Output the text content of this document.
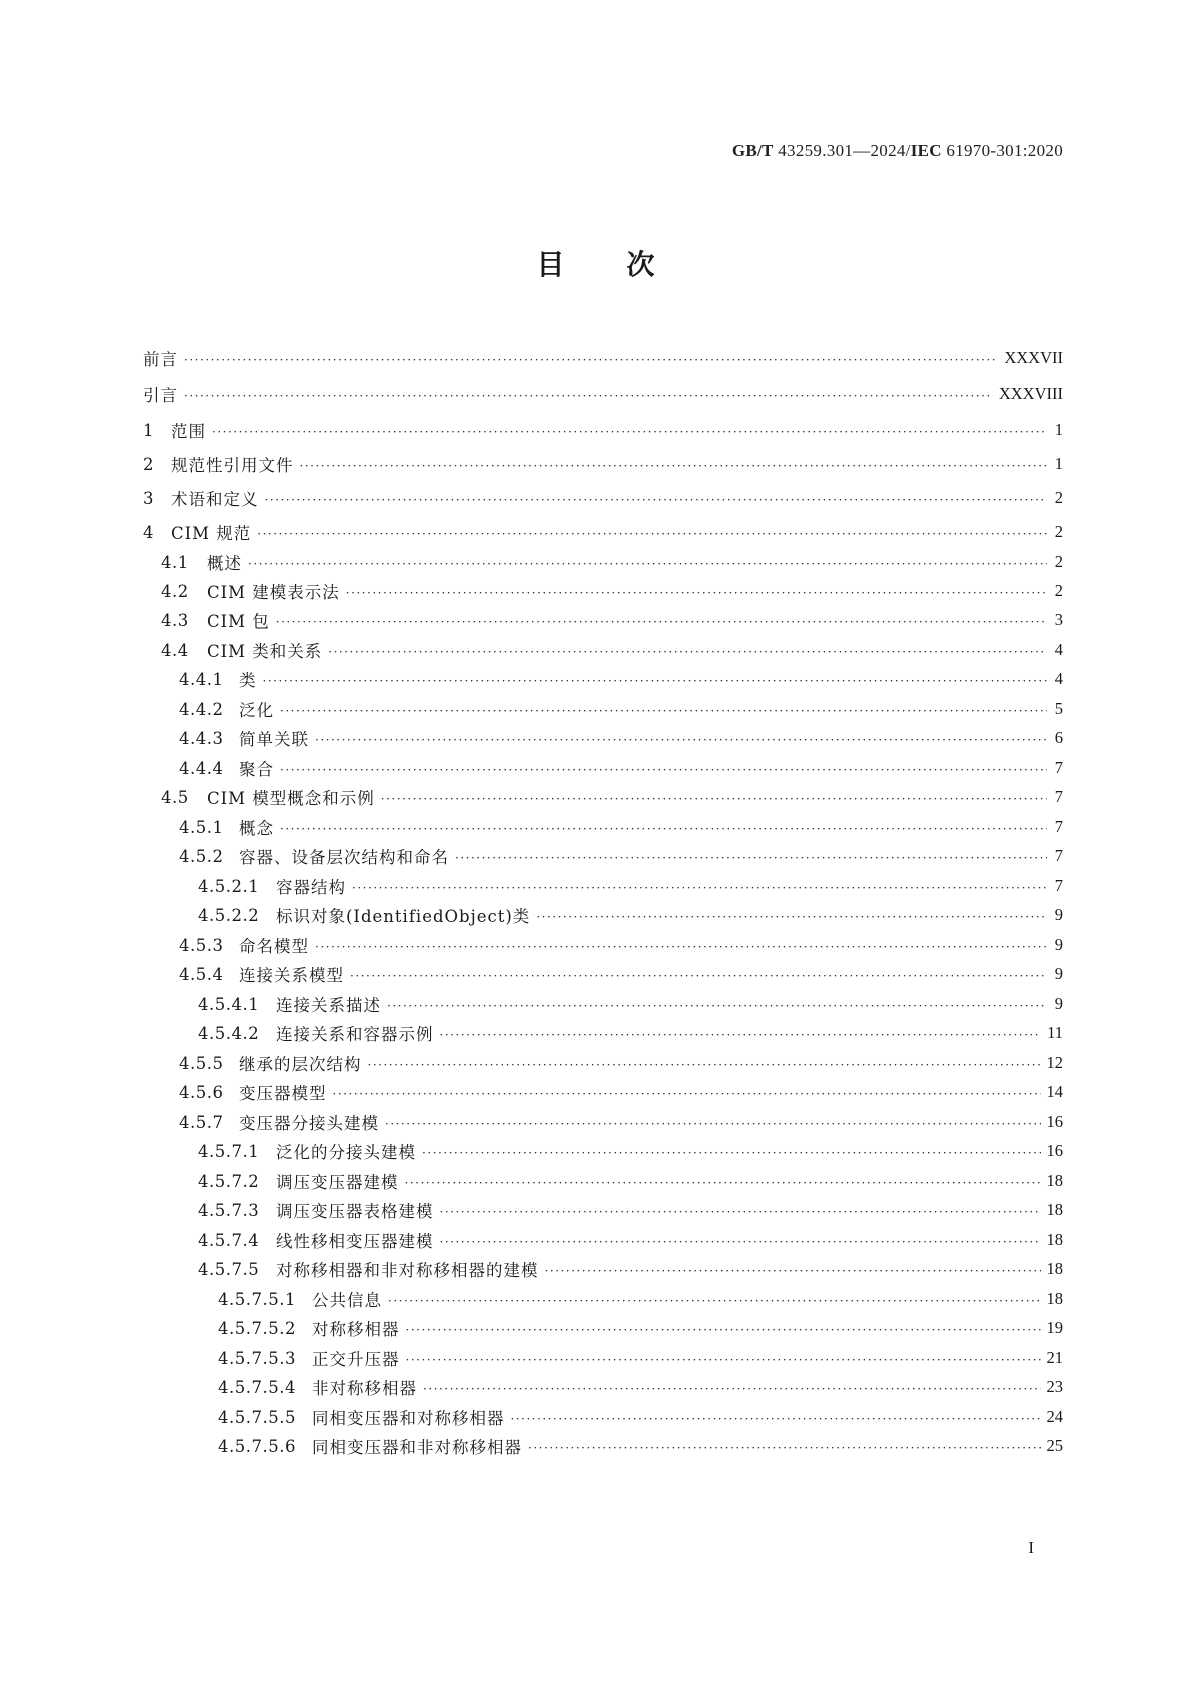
GB/T 43259.301—2024/IEC 61970-301:2020
目次
前言 ·····	XXXVII
引言 ·····	XXXVIII
1	范围 ·····	1
2	规范性引用文件 ·····	1
3	术语和定义 ·····	2
4	CIM 规范 ·····	2
4.1	概述 ·····	2
4.2	CIM 建模表示法 ·····	2
4.3	CIM 包 ·····	3
4.4	CIM 类和关系 ·····	4
4.4.1 类 ·····	4
4.4.2 泛化 ·····	5
4.4.3 简单关联 ·····	6
4.4.4 聚合 ·····	7
4.5	CIM 模型概念和示例 ·····	7
4.5.1 概念 ·····	7
4.5.2 容器、设备层次结构和命名 ·····	7
4.5.2.1	容器结构 ·····	7
4.5.2.2	标识对象(IdentifiedObject)类 ·····	9
4.5.3 命名模型 ·····	9
4.5.4 连接关系模型 ·····	9
4.5.4.1	连接关系描述 ·····	9
4.5.4.2	连接关系和容器示例 ·····	11
4.5.5 继承的层次结构 ·····	12
4.5.6 变压器模型 ·····	14
4.5.7 变压器分接头建模 ·····	16
4.5.7.1	泛化的分接头建模 ·····	16
4.5.7.2	调压变压器建模 ·····	18
4.5.7.3	调压变压器表格建模 ·····	18
4.5.7.4	线性移相变压器建模 ·····	18
4.5.7.5	对称移相器和非对称移相器的建模 ·····	18
4.5.7.5.1 公共信息 ·····	18
4.5.7.5.2 对称移相器 ·····	19
4.5.7.5.3 正交升压器 ·····	21
4.5.7.5.4 非对称移相器 ·····	23
4.5.7.5.5 同相变压器和对称移相器 ·····	24
4.5.7.5.6 同相变压器和非对称移相器 ·····	25
I
